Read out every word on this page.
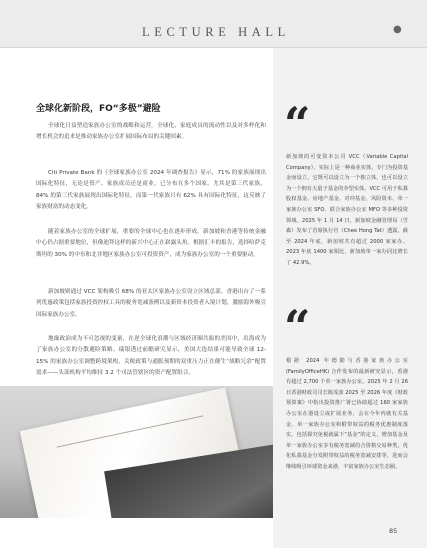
LECTURE HALL	●
全球化新阶段，FO“多极”避险

全球化日益塑造家族办公室的战略和运营。全球化、家庭成员的流动性以及对多样化和增长机会的追求是推动家族办公室扩展国际布局的关键因素。

Citi Private Bank 的《全球家族办公室 2024 年调查报告》显示，71% 的家族展现出国际化特征，无论是资产、家族成员还是商业，已分布在多个国家。尤其是第三代家族，84% 的第三代家族展现出国际化特征，而第一代家族只有 62% 具有国际化特征，这反映了家族财富的动态变化。

随着家族办公室的全球扩展，重要的全球中心也在逐步形成。新加坡和香港等传统金融中心仍占据重要地位，但像迪拜这样的新兴中心正在崭露头角。根据汇丰的报告，选择哈萨克斯坦的 30% 的中东和北非地区家族办公室可投资资产，成为家族办公室的一个重要驱动。

新加坡则通过 VCC 架构吸引 68% 的亚太区家族办公室设立区域总部。香港出台了一系列优惠政策包括家族投资控权工具的税务宽减条例以及新资本投资者入境计划，激励海外吸引国际家族办公室。

地缘政治成为不可忽视的变量，在逆全球化浪潮与区域经济圈共振的美国中，出海成为了家族办公室的分散避险策略。瑞银透过前瞻研究显示，美国大选结果可能导致全球 12-15% 的家族办公室调整跨境架构，关税政策与通胀预期的双重压力正在催生“战略冗余”配置需求——头部机构平均维持 3.2 个司法管辖区的资产配置组合。

“

新加坡的可变资本公司 VCC（Variable Capital Company），实际上是一种商业实体，专门为投资基金而设立。它既可以设立为一个独立体，也可以设立为一个拥有大量子基金的伞型实体。VCC 可用于私募股权基金、房地产基金、对冲基金、风险资本、单一家族办公室 SFO、联合家族办公室 MFO 等多种投资领域。2025 年 1 月 14 日，新加坡金融管理局（雪森）发布了首席执行官（Chee Hong Tat）透露，截至 2024 年底，新加坡共有超过 2000 家家办。2023 年底 1400 家相比，新加坡单一家办同比增长了 42.9%。

“

根据 2024 年德勤与香港家族办公室(FamilyOfficeHK) 合作发布的最新研究显示，香港有超过 2,700 个单一家族办公室。2025 年 2 月 26 日香港财政司司长陈茂波 2025 至 2026 年度《财政预算案》中指出投资推广署已协助超过 160 家家族办公室在港设立或扩展业务，会在今年内就有关基金、单一家族办公室和附带权益的税务优惠制度落实。包括探究免税就属下“基金”的定义，增加基金及单一家族办公室享有税务宽减的合资格交易种类，优化私募基金分发附带权益的税务宽减安排等，进而会继续吸引环球资金来港，丰富家族办公室生态圈。

85
